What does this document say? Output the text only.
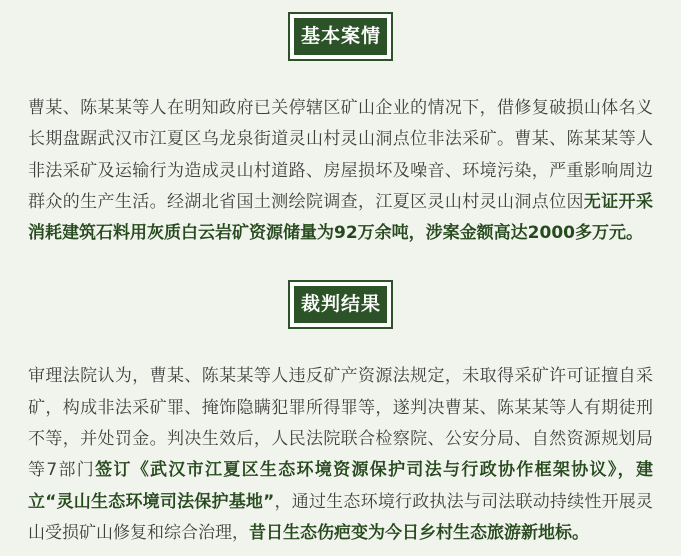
基本案情

曹某、陈某某等人在明知政府已关停辖区矿山企业的情况下，借修复破损山体名义长期盘踞武汉市江夏区乌龙泉街道灵山村灵山洞点位非法采矿。曹某、陈某某等人非法采矿及运输行为造成灵山村道路、房屋损坏及噪音、环境污染，严重影响周边群众的生产生活。经湖北省国土测绘院调查，江夏区灵山村灵山洞点位因无证开采消耗建筑石料用灰质白云岩矿资源储量为92万余吨，涉案金额高达2000多万元。

裁判结果

审理法院认为，曹某、陈某某等人违反矿产资源法规定，未取得采矿许可证擅自采矿，构成非法采矿罪、掩饰隐瞒犯罪所得罪等，遂判决曹某、陈某某等人有期徒刑不等，并处罚金。判决生效后，人民法院联合检察院、公安分局、自然资源规划局等7部门签订《武汉市江夏区生态环境资源保护司法与行政协作框架协议》，建立“灵山生态环境司法保护基地”，通过生态环境行政执法与司法联动持续性开展灵山受损矿山修复和综合治理，昔日生态伤疤变为今日乡村生态旅游新地标。
